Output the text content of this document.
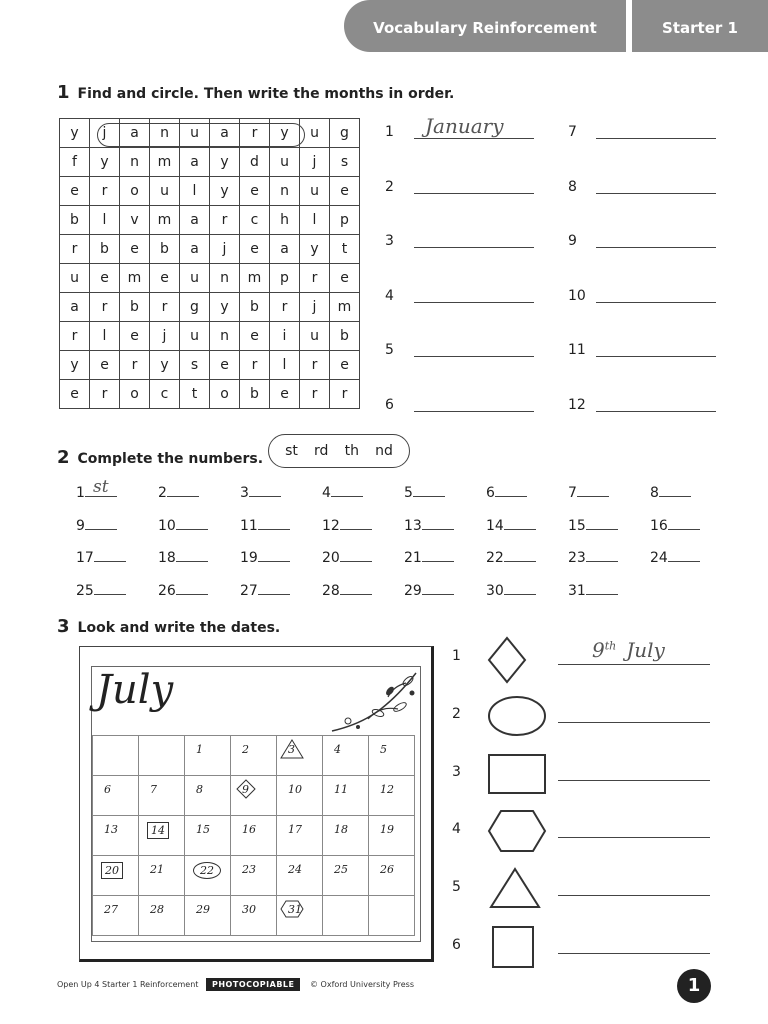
Vocabulary Reinforcement	Starter 1
1 Find and circle. Then write the months in order.
y	j	a	n	u	a	r	y	u	g
f	y	n	m	a	y	d	u	j	s
e	r	o	u	l	y	e	n	u	e
b	l	v	m	a	r	c	h	l	p
r	b	e	b	a	j	e	a	y	t
u	e	m	e	u	n	m	p	r	e
a	r	b	r	g	y	b	r	j	m
r	l	e	j	u	n	e	i	u	b
y	e	r	y	s	e	r	l	r	e
e	r	o	c	t	o	b	e	r	r
1
2
3
4
5
6
7
8
9
10
11
12
January
2 Complete the numbers. st rd th nd
1	2	3	4	5	6	7	8
9	10	11	12	13	14	15	16
17	18	19	20	21	22	23	24
25	26	27	28	29	30	31
st
3 Look and write the dates.
July
		1	2	3	4	5
6	7	8	9	10	11	12
13	14	15	16	17	18	19
20	21	22	23	24	25	26
27	28	29	30	31

1
2
3
4
5
6
9th July
Open Up 4 Starter 1 Reinforcement	PHOTOCOPIABLE	© Oxford University Press	1
